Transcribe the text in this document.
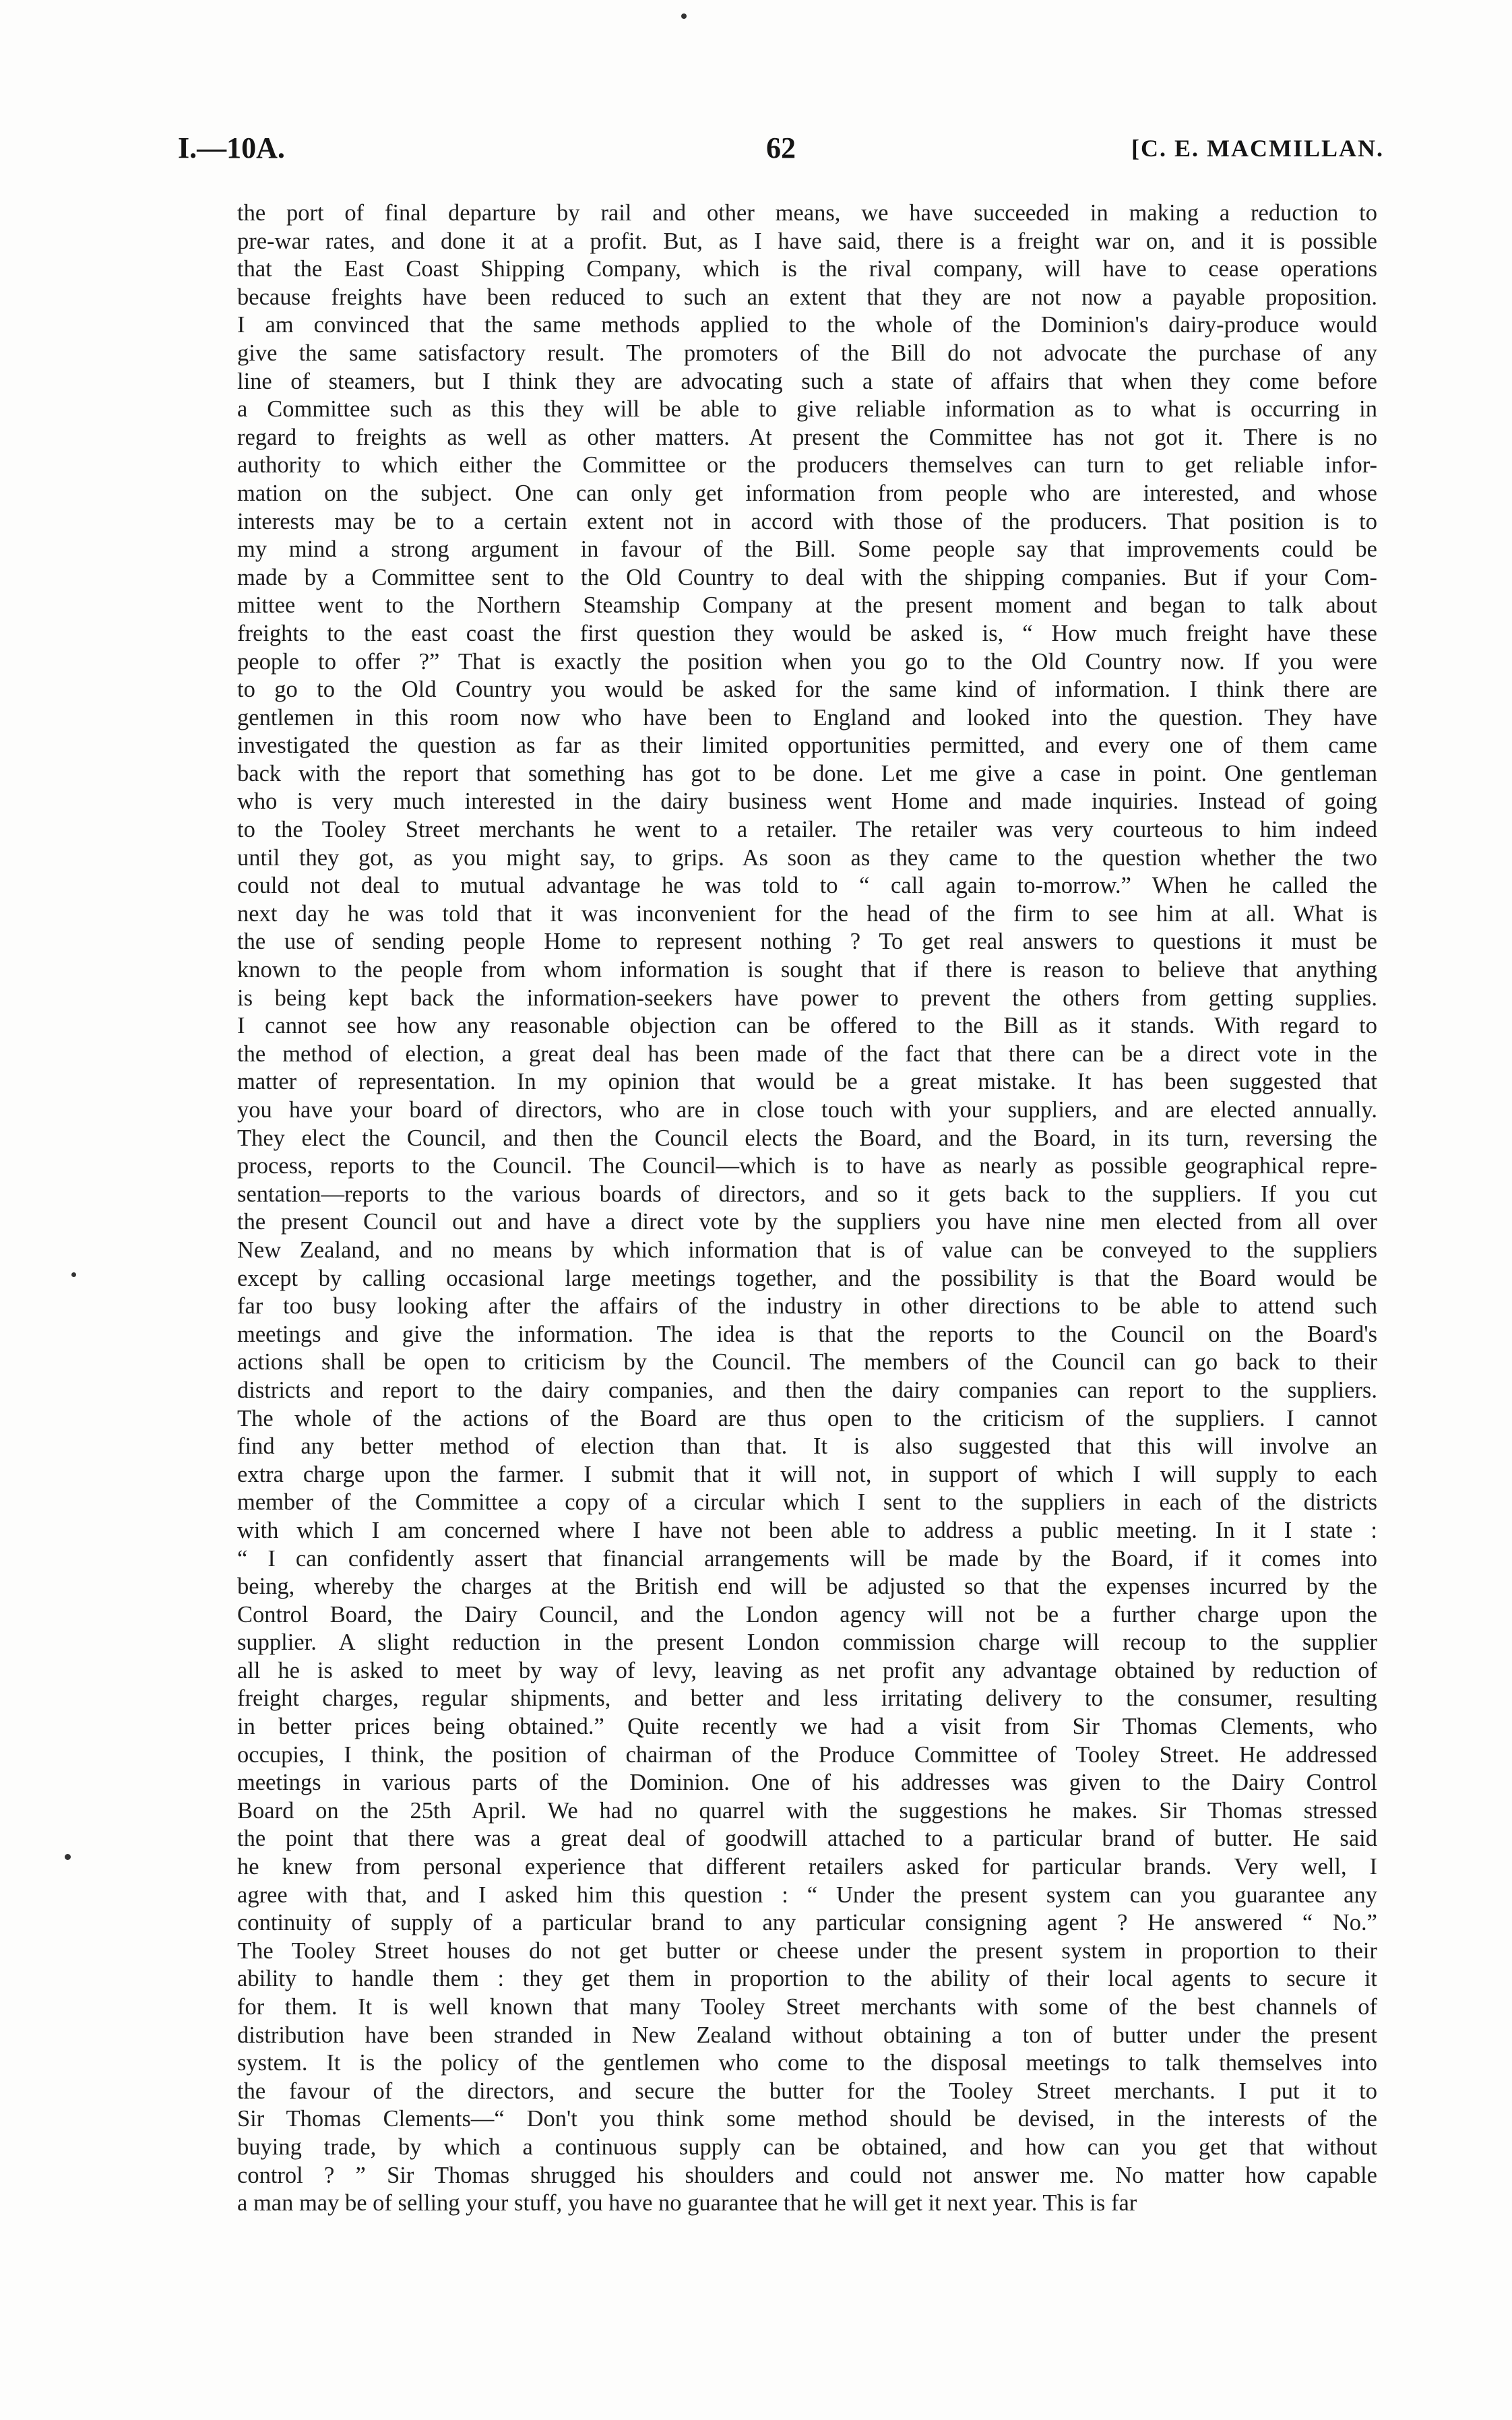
I.—10A.	62	[C. E. MACMILLAN.
the port of final departure by rail and other means, we have succeeded in making a reduction to
pre-war rates, and done it at a profit. But, as I have said, there is a freight war on, and it is possible
that the East Coast Shipping Company, which is the rival company, will have to cease operations
because freights have been reduced to such an extent that they are not now a payable proposition.
I am convinced that the same methods applied to the whole of the Dominion's dairy-produce would
give the same satisfactory result. The promoters of the Bill do not advocate the purchase of any
line of steamers, but I think they are advocating such a state of affairs that when they come before
a Committee such as this they will be able to give reliable information as to what is occurring in
regard to freights as well as other matters. At present the Committee has not got it. There is no
authority to which either the Committee or the producers themselves can turn to get reliable infor-
mation on the subject. One can only get information from people who are interested, and whose
interests may be to a certain extent not in accord with those of the producers. That position is to
my mind a strong argument in favour of the Bill. Some people say that improvements could be
made by a Committee sent to the Old Country to deal with the shipping companies. But if your Com-
mittee went to the Northern Steamship Company at the present moment and began to talk about
freights to the east coast the first question they would be asked is, “ How much freight have these
people to offer ?” That is exactly the position when you go to the Old Country now. If you were
to go to the Old Country you would be asked for the same kind of information. I think there are
gentlemen in this room now who have been to England and looked into the question. They have
investigated the question as far as their limited opportunities permitted, and every one of them came
back with the report that something has got to be done. Let me give a case in point. One gentleman
who is very much interested in the dairy business went Home and made inquiries. Instead of going
to the Tooley Street merchants he went to a retailer. The retailer was very courteous to him indeed
until they got, as you might say, to grips. As soon as they came to the question whether the two
could not deal to mutual advantage he was told to “ call again to-morrow.” When he called the
next day he was told that it was inconvenient for the head of the firm to see him at all. What is
the use of sending people Home to represent nothing ? To get real answers to questions it must be
known to the people from whom information is sought that if there is reason to believe that anything
is being kept back the information-seekers have power to prevent the others from getting supplies.
I cannot see how any reasonable objection can be offered to the Bill as it stands. With regard to
the method of election, a great deal has been made of the fact that there can be a direct vote in the
matter of representation. In my opinion that would be a great mistake. It has been suggested that
you have your board of directors, who are in close touch with your suppliers, and are elected annually.
They elect the Council, and then the Council elects the Board, and the Board, in its turn, reversing the
process, reports to the Council. The Council—which is to have as nearly as possible geographical repre-
sentation—reports to the various boards of directors, and so it gets back to the suppliers. If you cut
the present Council out and have a direct vote by the suppliers you have nine men elected from all over
New Zealand, and no means by which information that is of value can be conveyed to the suppliers
except by calling occasional large meetings together, and the possibility is that the Board would be
far too busy looking after the affairs of the industry in other directions to be able to attend such
meetings and give the information. The idea is that the reports to the Council on the Board's
actions shall be open to criticism by the Council. The members of the Council can go back to their
districts and report to the dairy companies, and then the dairy companies can report to the suppliers.
The whole of the actions of the Board are thus open to the criticism of the suppliers. I cannot
find any better method of election than that. It is also suggested that this will involve an
extra charge upon the farmer. I submit that it will not, in support of which I will supply to each
member of the Committee a copy of a circular which I sent to the suppliers in each of the districts
with which I am concerned where I have not been able to address a public meeting. In it I state :
“ I can confidently assert that financial arrangements will be made by the Board, if it comes into
being, whereby the charges at the British end will be adjusted so that the expenses incurred by the
Control Board, the Dairy Council, and the London agency will not be a further charge upon the
supplier. A slight reduction in the present London commission charge will recoup to the supplier
all he is asked to meet by way of levy, leaving as net profit any advantage obtained by reduction of
freight charges, regular shipments, and better and less irritating delivery to the consumer, resulting
in better prices being obtained.” Quite recently we had a visit from Sir Thomas Clements, who
occupies, I think, the position of chairman of the Produce Committee of Tooley Street. He addressed
meetings in various parts of the Dominion. One of his addresses was given to the Dairy Control
Board on the 25th April. We had no quarrel with the suggestions he makes. Sir Thomas stressed
the point that there was a great deal of goodwill attached to a particular brand of butter. He said
he knew from personal experience that different retailers asked for particular brands. Very well, I
agree with that, and I asked him this question : “ Under the present system can you guarantee any
continuity of supply of a particular brand to any particular consigning agent ? He answered “ No.”
The Tooley Street houses do not get butter or cheese under the present system in proportion to their
ability to handle them : they get them in proportion to the ability of their local agents to secure it
for them. It is well known that many Tooley Street merchants with some of the best channels of
distribution have been stranded in New Zealand without obtaining a ton of butter under the present
system. It is the policy of the gentlemen who come to the disposal meetings to talk themselves into
the favour of the directors, and secure the butter for the Tooley Street merchants. I put it to
Sir Thomas Clements—“ Don't you think some method should be devised, in the interests of the
buying trade, by which a continuous supply can be obtained, and how can you get that without
control ? ” Sir Thomas shrugged his shoulders and could not answer me. No matter how capable
a man may be of selling your stuff, you have no guarantee that he will get it next year. This is far
